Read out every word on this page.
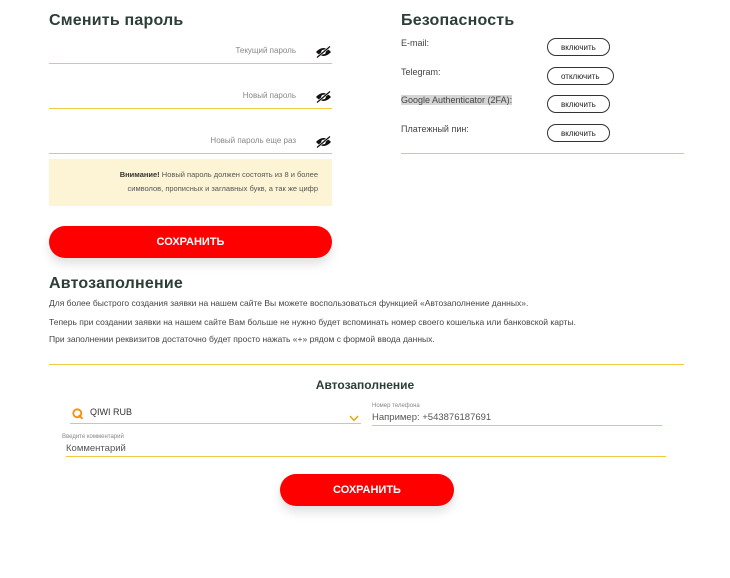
Сменить пароль
Внимание! Новый пароль должен состоять из 8 и более
символов, прописных и заглавных букв, а так же цифр
СОХРАНИТЬ
Безопасность
E-mail:	включить
Telegram:	отключить
Google Authenticator (2FA):	включить
Платежный пин:	включить
Автозаполнение
Для более быстрого создания заявки на нашем сайте Вы можете воспользоваться функцией «Автозаполнение данных».
Теперь при создании заявки на нашем сайте Вам больше не нужно будет вспоминать номер своего кошелька или банковской карты.
При заполнении реквизитов достаточно будет просто нажать «+» рядом с формой ввода данных.
Автозаполнение
QIWI RUB
Номер телефона
Например: +543876187691
Введите комментарий
Комментарий
СОХРАНИТЬ
